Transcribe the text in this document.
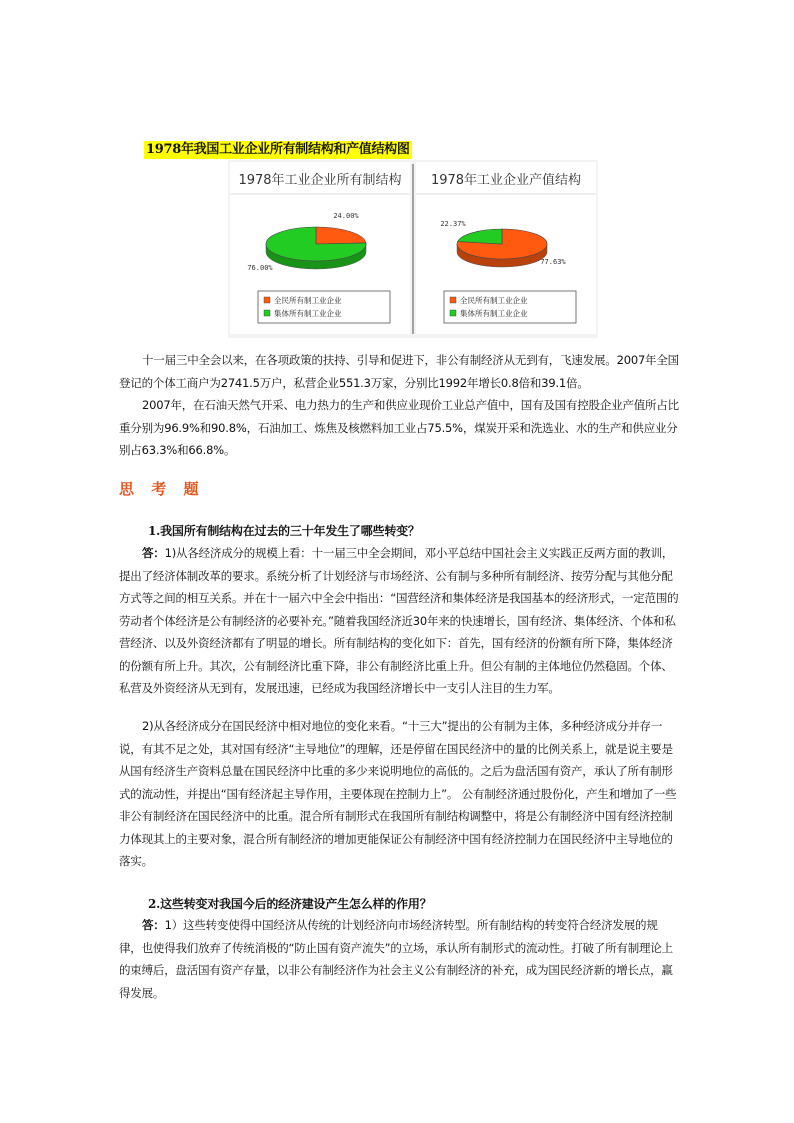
1978年我国工业企业所有制结构和产值结构图
1978年工业企业所有制结构
24.00%
76.00%
全民所有制工业企业
集体所有制工业企业
1978年工业企业产值结构
77.63%
22.37%
全民所有制工业企业
集体所有制工业企业

十一届三中全会以来，在各项政策的扶持、引导和促进下，非公有制经济从无到有，飞速发展。2007年全国登记的个体工商户为2741.5万户，私营企业551.3万家，分别比1992年增长0.8倍和39.1倍。

2007年，在石油天然气开采、电力热力的生产和供应业现价工业总产值中，国有及国有控股企业产值所占比重分别为96.9%和90.8%，石油加工、炼焦及核燃料加工业占75.5%，煤炭开采和洗选业、水的生产和供应业分别占63.3%和66.8%。

思 考 题

1.我国所有制结构在过去的三十年发生了哪些转变？

答：1)从各经济成分的规模上看：十一届三中全会期间，邓小平总结中国社会主义实践正反两方面的教训，提出了经济体制改革的要求。系统分析了计划经济与市场经济、公有制与多种所有制经济、按劳分配与其他分配方式等之间的相互关系。并在十一届六中全会中指出：“国营经济和集体经济是我国基本的经济形式，一定范围的劳动者个体经济是公有制经济的必要补充。”随着我国经济近30年来的快速增长，国有经济、集体经济、个体和私营经济、以及外资经济都有了明显的增长。所有制结构的变化如下：首先，国有经济的份额有所下降，集体经济的份额有所上升。其次，公有制经济比重下降，非公有制经济比重上升。但公有制的主体地位仍然稳固。个体、私营及外资经济从无到有，发展迅速，已经成为我国经济增长中一支引人注目的生力军。

2)从各经济成分在国民经济中相对地位的变化来看。“十三大”提出的公有制为主体，多种经济成分并存一说，有其不足之处，其对国有经济“主导地位”的理解，还是停留在国民经济中的量的比例关系上，就是说主要是从国有经济生产资料总量在国民经济中比重的多少来说明地位的高低的。之后为盘活国有资产，承认了所有制形式的流动性，并提出“国有经济起主导作用，主要体现在控制力上”。 公有制经济通过股份化，产生和增加了一些非公有制经济在国民经济中的比重。混合所有制形式在我国所有制结构调整中，将是公有制经济中国有经济控制力体现其上的主要对象，混合所有制经济的增加更能保证公有制经济中国有经济控制力在国民经济中主导地位的落实。

2.这些转变对我国今后的经济建设产生怎么样的作用？

答：1）这些转变使得中国经济从传统的计划经济向市场经济转型。所有制结构的转变符合经济发展的规律，也使得我们放弃了传统消极的“防止国有资产流失”的立场，承认所有制形式的流动性。打破了所有制理论上的束缚后，盘活国有资产存量，以非公有制经济作为社会主义公有制经济的补充，成为国民经济新的增长点，赢得发展。
